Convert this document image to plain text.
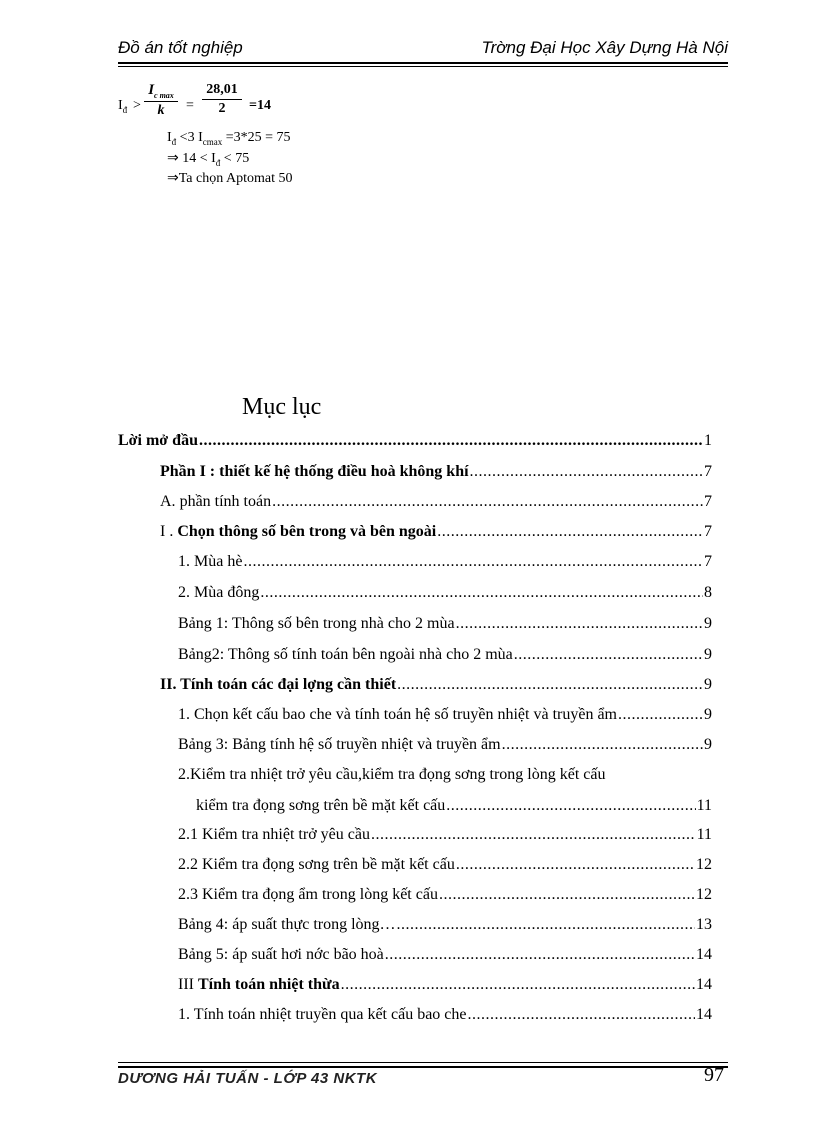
Đồ án tốt nghiệp	Trờng Đại Học Xây Dựng Hà Nội
$I_đ$ >
$I_{c max}$
k	= $\frac{28,01}{2} =14$
$I_đ <3$ $I_{cmax} =3*25 = 75$
⇒ $14 < I_đ < 75$
⇒Ta chọn Aptomat 50
Mục lục
Lời mở đầu .....	1
Phần I : thiết kế hệ thống điều hoà không khí .....	7
A. phần tính toán .....	7
I . Chọn thông số bên trong và bên ngoài .....	7
1. Mùa hè .....	7
2. Mùa đông .....	8
Bảng 1: Thông số bên trong nhà cho 2 mùa .....	9
Bảng2: Thông số tính toán bên ngoài nhà cho 2 mùa .....	9
II. Tính toán các đại lợng cần thiết .....	9
1. Chọn kết cấu bao che và tính toán hệ số truyền nhiệt và truyền ẩm .....	9
Bảng 3: Bảng tính hệ số truyền nhiệt và truyền ẩm .....	9
2.Kiểm tra nhiệt trở yêu cầu,kiểm tra đọng sơng trong lòng kết cấu
kiểm tra đọng sơng trên bề mặt kết cấu .....	11
2.1 Kiểm tra nhiệt trở yêu cầu .....	11
2.2 Kiểm tra đọng sơng trên bề mặt kết cấu .....	12
2.3 Kiểm tra đọng ẩm trong lòng kết cấu .....	12
Bảng 4: áp suất thực trong lòng… .....	13
Bảng 5: áp suất hơi nớc bão hoà .....	14
III Tính toán nhiệt thừa .....	14
1. Tính toán nhiệt truyền qua kết cấu bao che .....	14
DƯƠNG HẢI TUẤN - LỚP 43 NKTK	97
